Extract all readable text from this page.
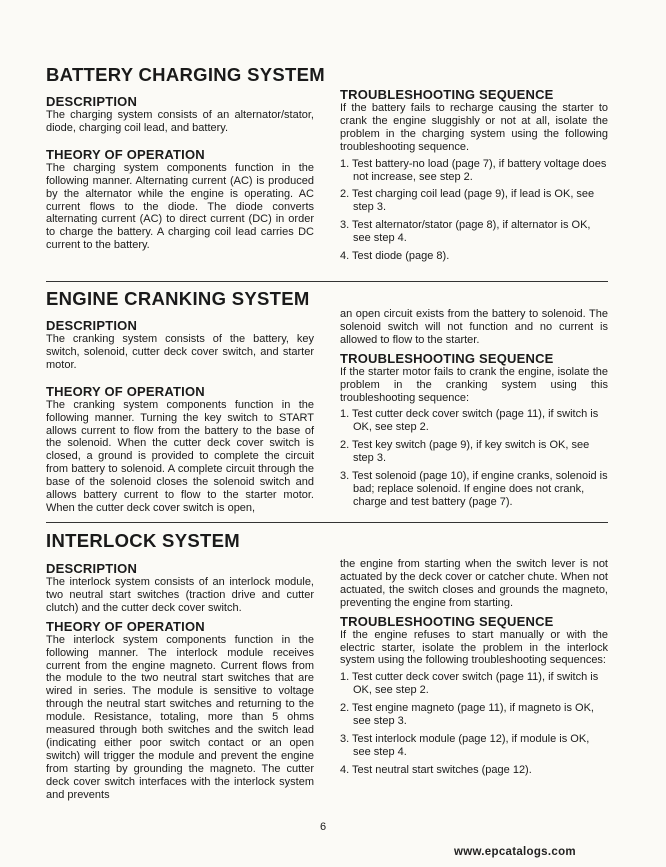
BATTERY CHARGING SYSTEM
DESCRIPTION

The charging system consists of an alternator/stator, diode, charging coil lead, and battery.

THEORY OF OPERATION

The charging system components function in the following manner. Alternating current (AC) is produced by the alternator while the engine is operating. AC current flows to the diode. The diode converts alternating current (AC) to direct current (DC) in order to charge the battery. A charging coil lead carries DC current to the battery.

TROUBLESHOOTING SEQUENCE

If the battery fails to recharge causing the starter to crank the engine sluggishly or not at all, isolate the problem in the charging system using the following troubleshooting sequence.

1. Test battery-no load (page 7), if battery voltage does not increase, see step 2.
2. Test charging coil lead (page 9), if lead is OK, see step 3.
3. Test alternator/stator (page 8), if alternator is OK, see step 4.
4. Test diode (page 8).
ENGINE CRANKING SYSTEM
DESCRIPTION

The cranking system consists of the battery, key switch, solenoid, cutter deck cover switch, and starter motor.

THEORY OF OPERATION

The cranking system components function in the following manner. Turning the key switch to START allows current to flow from the battery to the base of the solenoid. When the cutter deck cover switch is closed, a ground is provided to complete the circuit from battery to solenoid. A complete circuit through the base of the solenoid closes the solenoid switch and allows battery current to flow to the starter motor. When the cutter deck cover switch is open,

an open circuit exists from the battery to solenoid. The solenoid switch will not function and no current is allowed to flow to the starter.

TROUBLESHOOTING SEQUENCE

If the starter motor fails to crank the engine, isolate the problem in the cranking system using this troubleshooting sequence:

1. Test cutter deck cover switch (page 11), if switch is OK, see step 2.
2. Test key switch (page 9), if key switch is OK, see step 3.
3. Test solenoid (page 10), if engine cranks, solenoid is bad; replace solenoid. If engine does not crank, charge and test battery (page 7).
INTERLOCK SYSTEM
DESCRIPTION

The interlock system consists of an interlock module, two neutral start switches (traction drive and cutter clutch) and the cutter deck cover switch.

THEORY OF OPERATION

The interlock system components function in the following manner. The interlock module receives current from the engine magneto. Current flows from the module to the two neutral start switches that are wired in series. The module is sensitive to voltage through the neutral start switches and returning to the module. Resistance, totaling, more than 5 ohms measured through both switches and the switch lead (indicating either poor switch contact or an open switch) will trigger the module and prevent the engine from starting by grounding the magneto. The cutter deck cover switch interfaces with the interlock system and prevents

the engine from starting when the switch lever is not actuated by the deck cover or catcher chute. When not actuated, the switch closes and grounds the magneto, preventing the engine from starting.

TROUBLESHOOTING SEQUENCE

If the engine refuses to start manually or with the electric starter, isolate the problem in the interlock system using the following troubleshooting sequences:

1. Test cutter deck cover switch (page 11), if switch is OK, see step 2.
2. Test engine magneto (page 11), if magneto is OK, see step 3.
3. Test interlock module (page 12), if module is OK, see step 4.
4. Test neutral start switches (page 12).
6
www.epcatalogs.com
